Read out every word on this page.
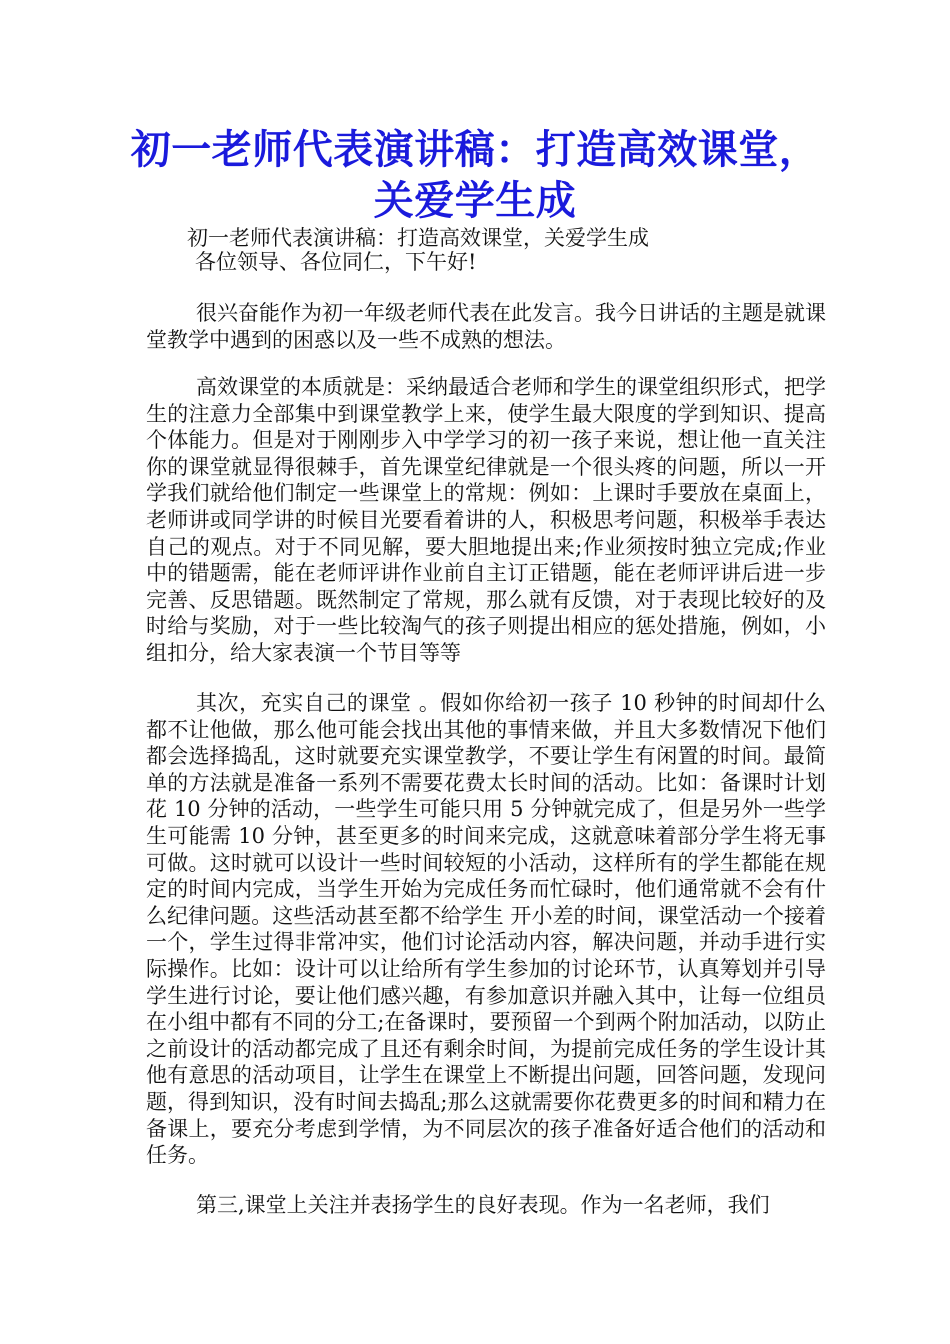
初一老师代表演讲稿：打造高效课堂，关爱学生成

初一老师代表演讲稿：打造高效课堂，关爱学生成

各位领导、各位同仁，下午好!

很兴奋能作为初一年级老师代表在此发言。我今日讲话的主题是就课堂教学中遇到的困惑以及一些不成熟的想法。

高效课堂的本质就是：采纳最适合老师和学生的课堂组织形式，把学生的注意力全部集中到课堂教学上来，使学生最大限度的学到知识、提高个体能力。但是对于刚刚步入中学学习的初一孩子来说，想让他一直关注你的课堂就显得很棘手，首先课堂纪律就是一个很头疼的问题，所以一开学我们就给他们制定一些课堂上的常规：例如：上课时手要放在桌面上，老师讲或同学讲的时候目光要看着讲的人，积极思考问题，积极举手表达自己的观点。对于不同见解，要大胆地提出来;作业须按时独立完成;作业中的错题需，能在老师评讲作业前自主订正错题，能在老师评讲后进一步完善、反思错题。既然制定了常规，那么就有反馈，对于表现比较好的及时给与奖励，对于一些比较淘气的孩子则提出相应的惩处措施，例如，小组扣分，给大家表演一个节目等等

其次，充实自己的课堂 。假如你给初一孩子 10 秒钟的时间却什么都不让他做，那么他可能会找出其他的事情来做，并且大多数情况下他们都会选择捣乱，这时就要充实课堂教学，不要让学生有闲置的时间。最简单的方法就是准备一系列不需要花费太长时间的活动。比如：备课时计划花 10 分钟的活动，一些学生可能只用 5 分钟就完成了，但是另外一些学生可能需 10 分钟，甚至更多的时间来完成，这就意味着部分学生将无事可做。这时就可以设计一些时间较短的小活动，这样所有的学生都能在规定的时间内完成，当学生开始为完成任务而忙碌时，他们通常就不会有什么纪律问题。这些活动甚至都不给学生 开小差的时间，课堂活动一个接着一个，学生过得非常冲实，他们讨论活动内容，解决问题，并动手进行实际操作。比如：设计可以让给所有学生参加的讨论环节，认真筹划并引导学生进行讨论，要让他们感兴趣，有参加意识并融入其中，让每一位组员在小组中都有不同的分工;在备课时，要预留一个到两个附加活动，以防止之前设计的活动都完成了且还有剩余时间，为提前完成任务的学生设计其他有意思的活动项目，让学生在课堂上不断提出问题，回答问题，发现问题，得到知识，没有时间去捣乱;那么这就需要你花费更多的时间和精力在备课上，要充分考虑到学情，为不同层次的孩子准备好适合他们的活动和任务。

第三,课堂上关注并表扬学生的良好表现。作为一名老师，我们
